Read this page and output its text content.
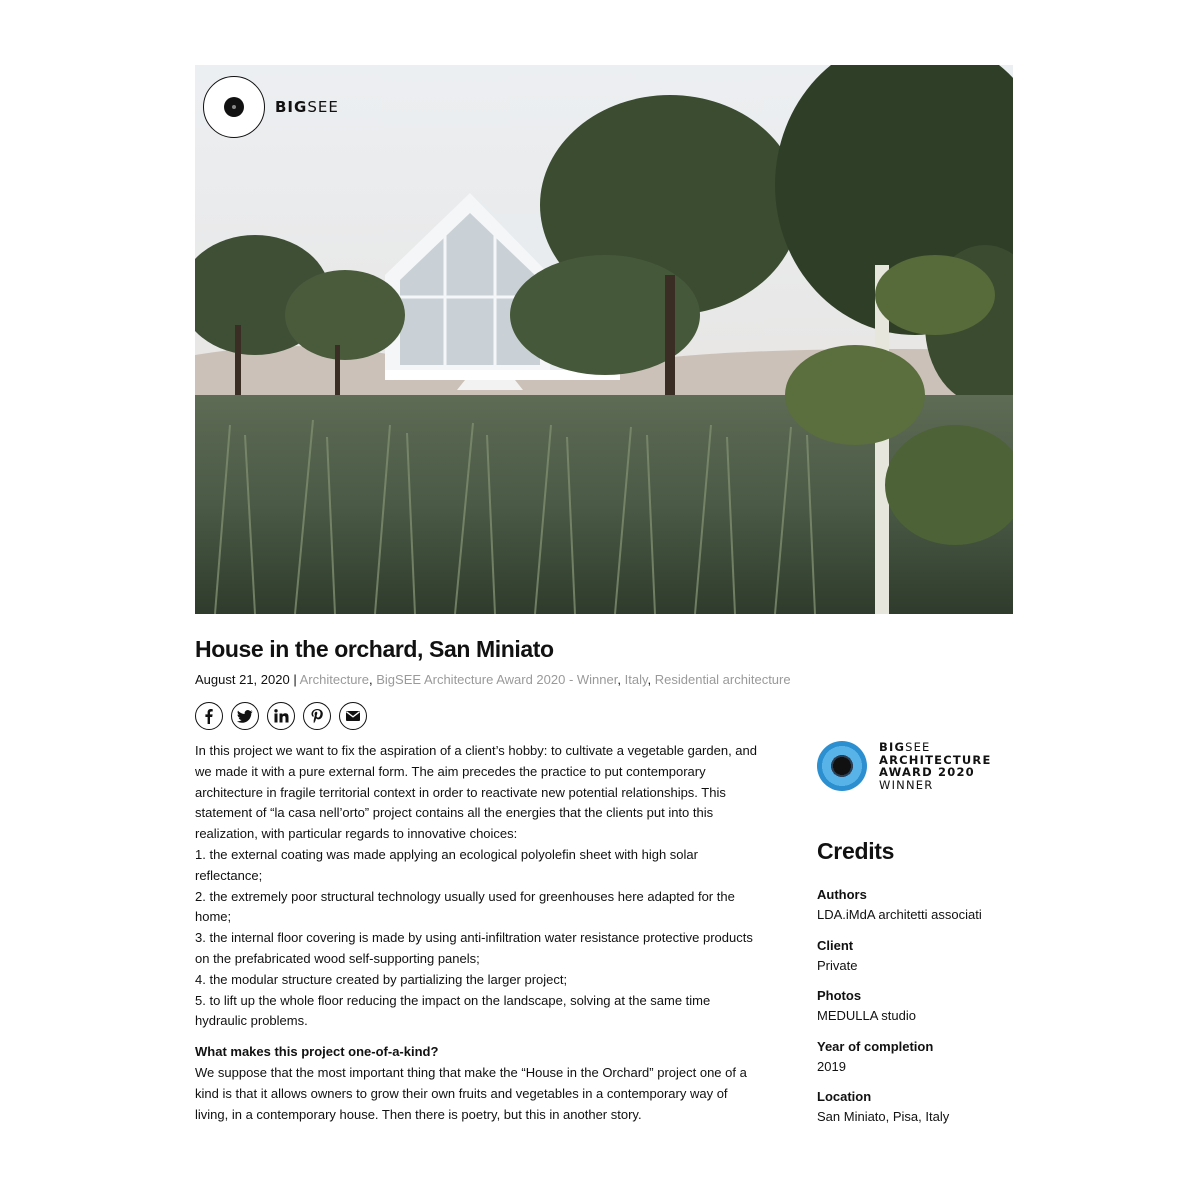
BIGSEE
House in the orchard, San Miniato
August 21, 2020 | Architecture, BigSEE Architecture Award 2020 - Winner, Italy, Residential architecture

In this project we want to fix the aspiration of a client’s hobby: to cultivate a vegetable garden, and we made it with a pure external form. The aim precedes the practice to put contemporary architecture in fragile territorial context in order to reactivate new potential relationships. This statement of “la casa nell’orto” project contains all the energies that the clients put into this realization, with particular regards to innovative choices:

1. the external coating was made applying an ecological polyolefin sheet with high solar reflectance;

2. the extremely poor structural technology usually used for greenhouses here adapted for the home;

3. the internal floor covering is made by using anti-infiltration water resistance protective products on the prefabricated wood self-supporting panels;

4. the modular structure created by partializing the larger project;

5. to lift up the whole floor reducing the impact on the landscape, solving at the same time hydraulic problems.

What makes this project one-of-a-kind?

We suppose that the most important thing that make the “House in the Orchard” project one of a kind is that it allows owners to grow their own fruits and vegetables in a contemporary way of living, in a contemporary house. Then there is poetry, but this in another story.

BIGSEE
ARCHITECTURE
AWARD 2020
WINNER
Credits
Authors
LDA.iMdA architetti associati
Client
Private
Photos
MEDULLA studio
Year of completion
2019
Location
San Miniato, Pisa, Italy
